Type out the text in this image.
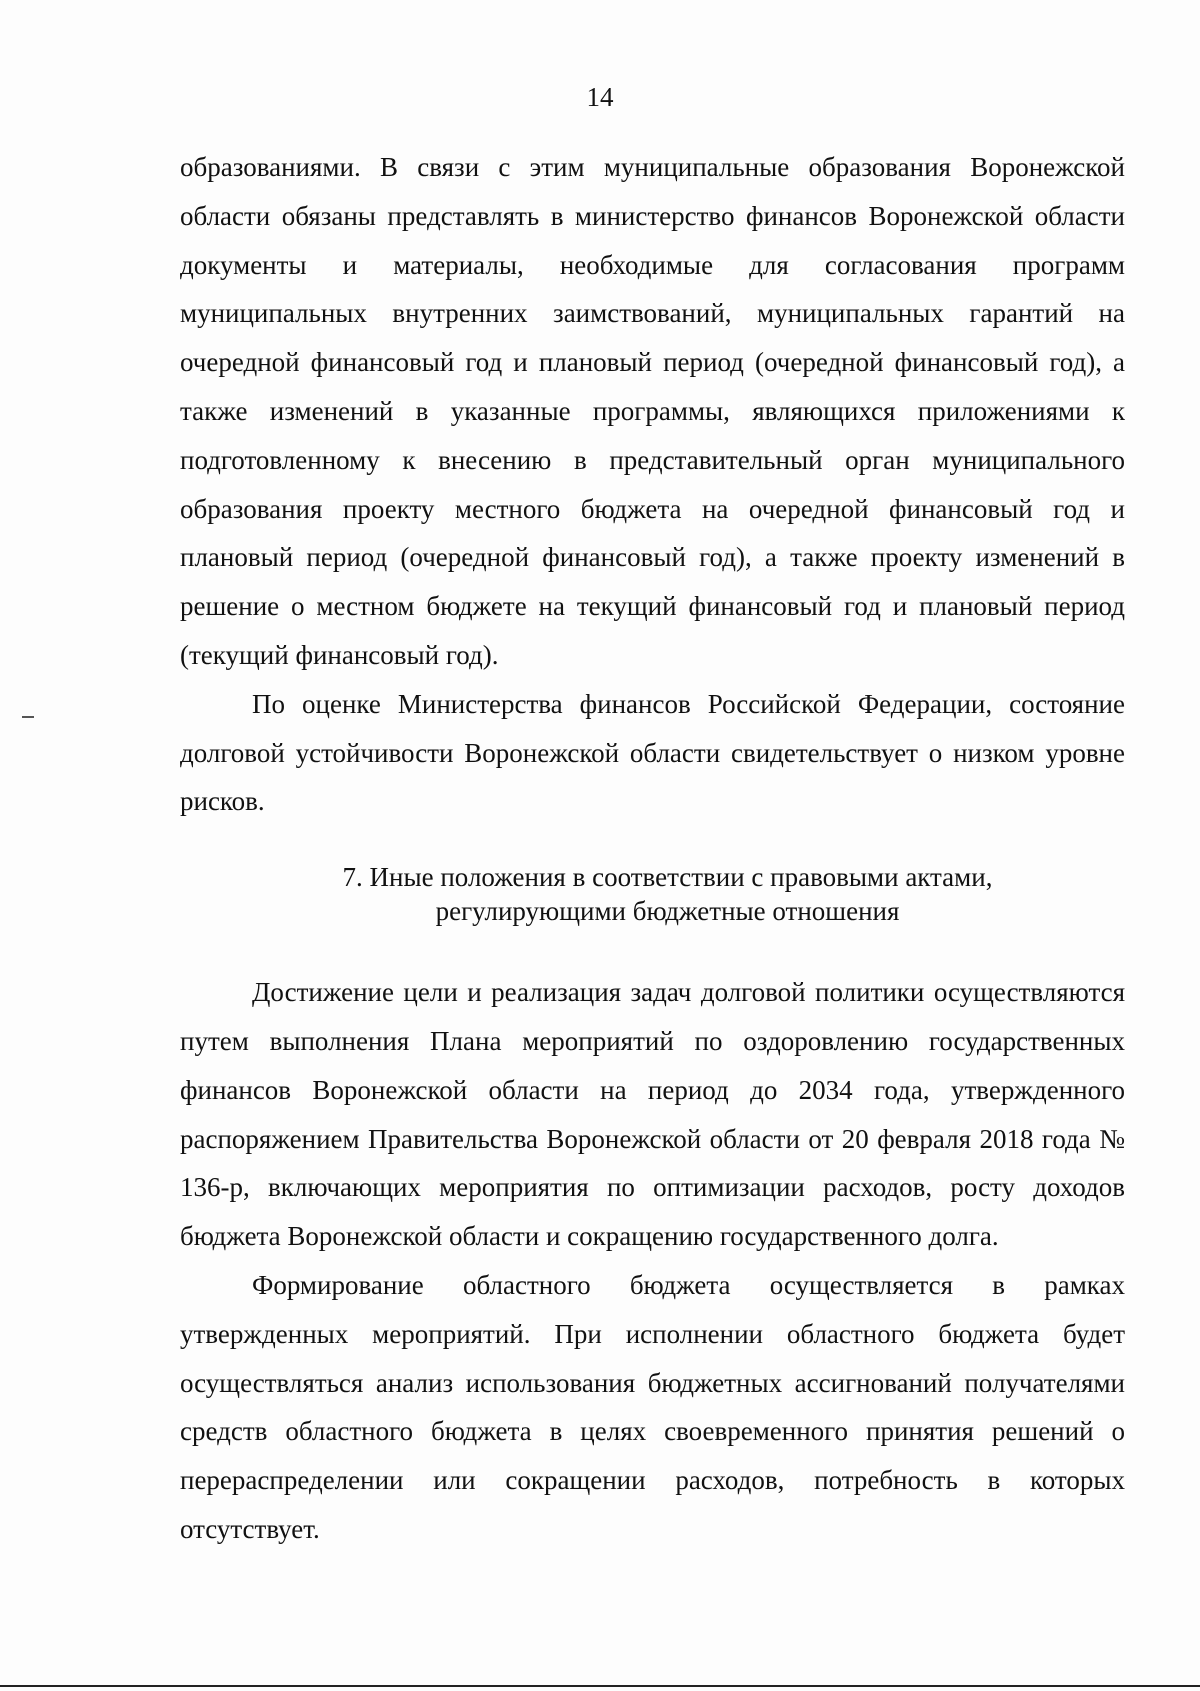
14

образованиями. В связи с этим муниципальные образования Воронежской области обязаны представлять в министерство финансов Воронежской области документы и материалы, необходимые для согласования программ муниципальных внутренних заимствований, муниципальных гарантий на очередной финансовый год и плановый период (очередной финансовый год), а также изменений в указанные программы, являющихся приложениями к подготовленному к внесению в представительный орган муниципального образования проекту местного бюджета на очередной финансовый год и плановый период (очередной финансовый год), а также проекту изменений в решение о местном бюджете на текущий финансовый год и плановый период (текущий финансовый год).

По оценке Министерства финансов Российской Федерации, состояние долговой устойчивости Воронежской области свидетельствует о низком уровне рисков.

7. Иные положения в соответствии с правовыми актами,
регулирующими бюджетные отношения

Достижение цели и реализация задач долговой политики осуществляются путем выполнения Плана мероприятий по оздоровлению государственных финансов Воронежской области на период до 2034 года, утвержденного распоряжением Правительства Воронежской области от 20 февраля 2018 года № 136-р, включающих мероприятия по оптимизации расходов, росту доходов бюджета Воронежской области и сокращению государственного долга.

Формирование областного бюджета осуществляется в рамках утвержденных мероприятий. При исполнении областного бюджета будет осуществляться анализ использования бюджетных ассигнований получателями средств областного бюджета в целях своевременного принятия решений о перераспределении или сокращении расходов, потребность в которых отсутствует.
